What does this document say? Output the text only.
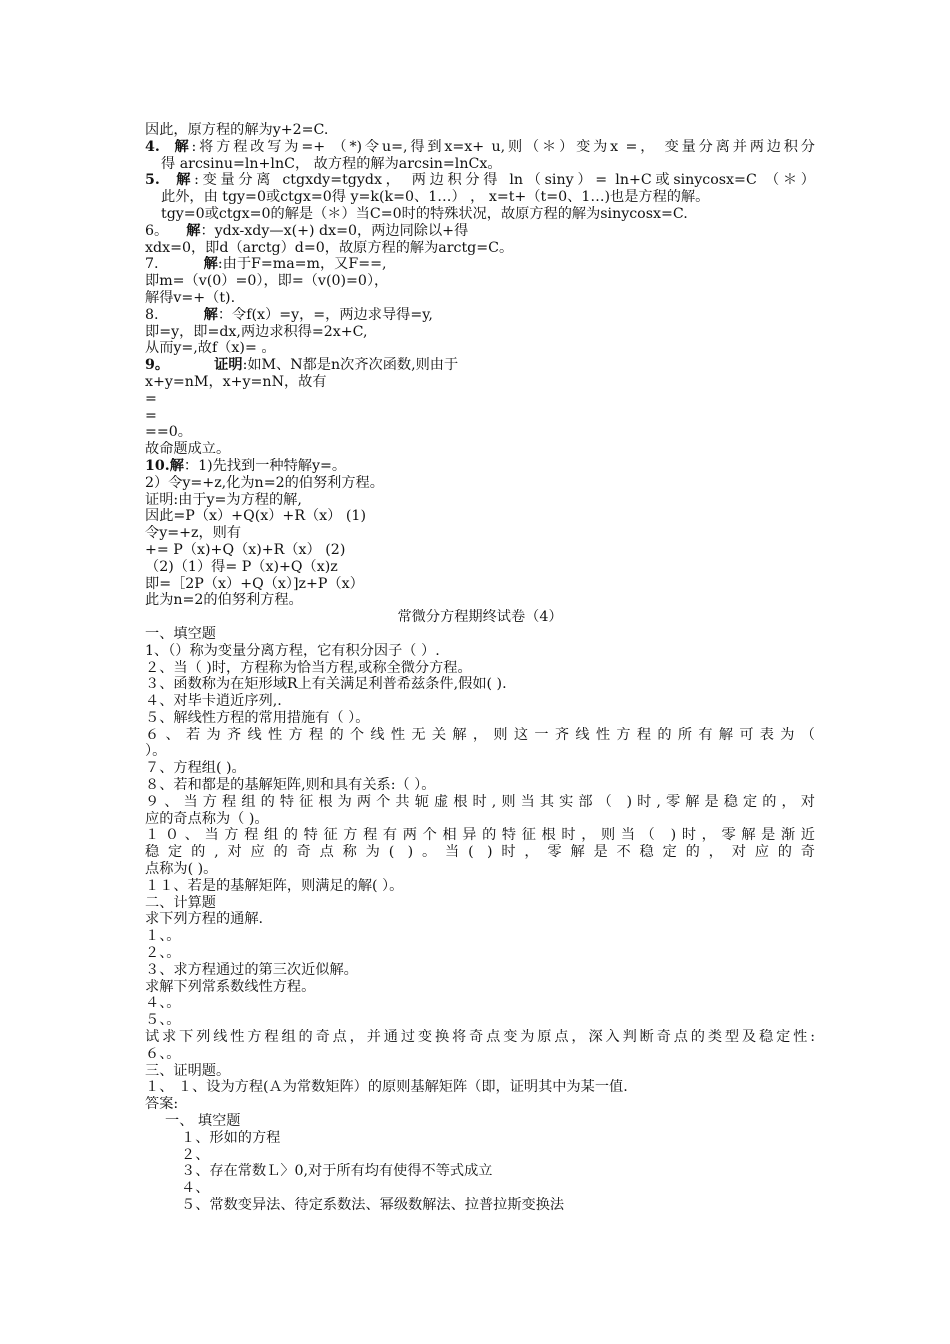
因此，原方程的解为y+2=C.
4. 解:将方程改写为=+ （*)令u=,得到x=x+ u,则（＊）变为x =， 变量分离并两边积分
得 arcsinu=ln+lnC， 故方程的解为arcsin=lnCx。
5. 解:变量分离 ctgxdy=tgydx， 两边积分得 ln（siny）= ln+C或sinycosx=C （＊）
此外，由 tgy=0或ctgx=0得 y=k(k=0、1…） ， x=t+（t=0、1…)也是方程的解。
tgy=0或ctgx=0的解是（＊）当C=0时的特殊状况，故原方程的解为sinycosx=C.
6。 解：ydx-xdy—x(+) dx=0，两边同除以+得
xdx=0，即d（arctg）d=0，故原方程的解为arctg=C。
7.	解:由于F=ma=m，又F==,
即m=（v(0）=0），即=（v(0)=0），
解得v=+（t).
8.	解：令f(x）=y，=，两边求导得=y,
即=y，即=dx,两边求积得=2x+C,
从而y=,故f（x)= 。
9。	证明:如M、N都是n次齐次函数,则由于
x+y=nM，x+y=nN，故有
=
=
==0。
故命题成立。
10.解：1)先找到一种特解y=。
2）令y=+z,化为n=2的伯努利方程。
证明:由于y=为方程的解,
因此=P（x）+Q(x）+R（x） (1)
令y=+z，则有
+= P（x)+Q（x)+R（x） (2)
（2)（1）得= P（x)+Q（x)z
即=［2P（x）+Q（x）]z+P（x）
此为n=2的伯努利方程。
常微分方程期终试卷（4）
一、填空题
1、（）称为变量分离方程，它有积分因子（ ）.
２、当（ )时，方程称为恰当方程,或称全微分方程。
３、函数称为在矩形域R上有关满足利普希兹条件,假如( ).
４、对毕卡逍近序列,.
５、解线性方程的常用措施有（ ）。
６、若为齐线性方程的个线性无关解，则这一齐线性方程的所有解可表为（
）。
７、方程组( )。
８、若和都是的基解矩阵,则和具有关系:（ ）。
９、当方程组的特征根为两个共轭虚根时,则当其实部（ )时,零解是稳定的，对
应的奇点称为（ )。
１０、当方程组的特征方程有两个相异的特征根时，则当（ )时，零解是渐近
稳定的,对应的奇点称为( )。当( )时，零解是不稳定的，对应的奇
点称为( )。
１１、若是的基解矩阵，则满足的解( ）。
二、计算题
求下列方程的通解.
１、。
２、。
３、求方程通过的第三次近似解。
求解下列常系数线性方程。
４、。
５、。
试求下列线性方程组的奇点，并通过变换将奇点变为原点，深入判断奇点的类型及稳定性:
６、。
三、证明题。
１、 １、设为方程(Ａ为常数矩阵）的原则基解矩阵（即，证明其中为某一值.
答案:
一、 填空题
１、形如的方程
２、
３、存在常数Ｌ〉0,对于所有均有使得不等式成立
４、
５、常数变异法、待定系数法、幂级数解法、拉普拉斯变换法
